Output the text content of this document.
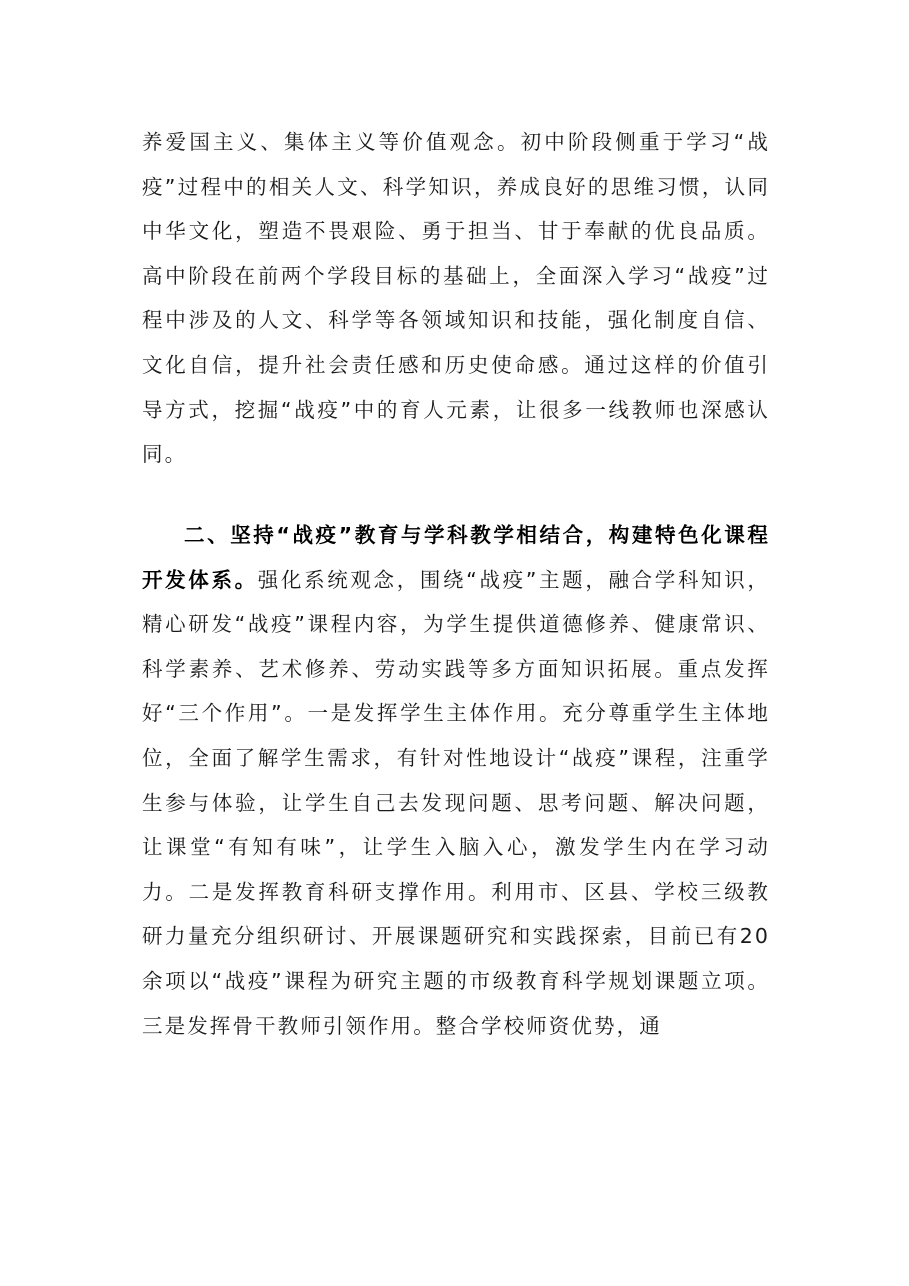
养爱国主义、集体主义等价值观念。初中阶段侧重于学习“战疫”过程中的相关人文、科学知识，养成良好的思维习惯，认同中华文化，塑造不畏艰险、勇于担当、甘于奉献的优良品质。高中阶段在前两个学段目标的基础上，全面深入学习“战疫”过程中涉及的人文、科学等各领域知识和技能，强化制度自信、文化自信，提升社会责任感和历史使命感。通过这样的价值引导方式，挖掘“战疫”中的育人元素，让很多一线教师也深感认同。

二、坚持“战疫”教育与学科教学相结合，构建特色化课程开发体系。强化系统观念，围绕“战疫”主题，融合学科知识，精心研发“战疫”课程内容，为学生提供道德修养、健康常识、科学素养、艺术修养、劳动实践等多方面知识拓展。重点发挥好“三个作用”。一是发挥学生主体作用。充分尊重学生主体地位，全面了解学生需求，有针对性地设计“战疫”课程，注重学生参与体验，让学生自己去发现问题、思考问题、解决问题，让课堂“有知有味”，让学生入脑入心，激发学生内在学习动力。二是发挥教育科研支撑作用。利用市、区县、学校三级教研力量充分组织研讨、开展课题研究和实践探索，目前已有20余项以“战疫”课程为研究主题的市级教育科学规划课题立项。三是发挥骨干教师引领作用。整合学校师资优势，通
